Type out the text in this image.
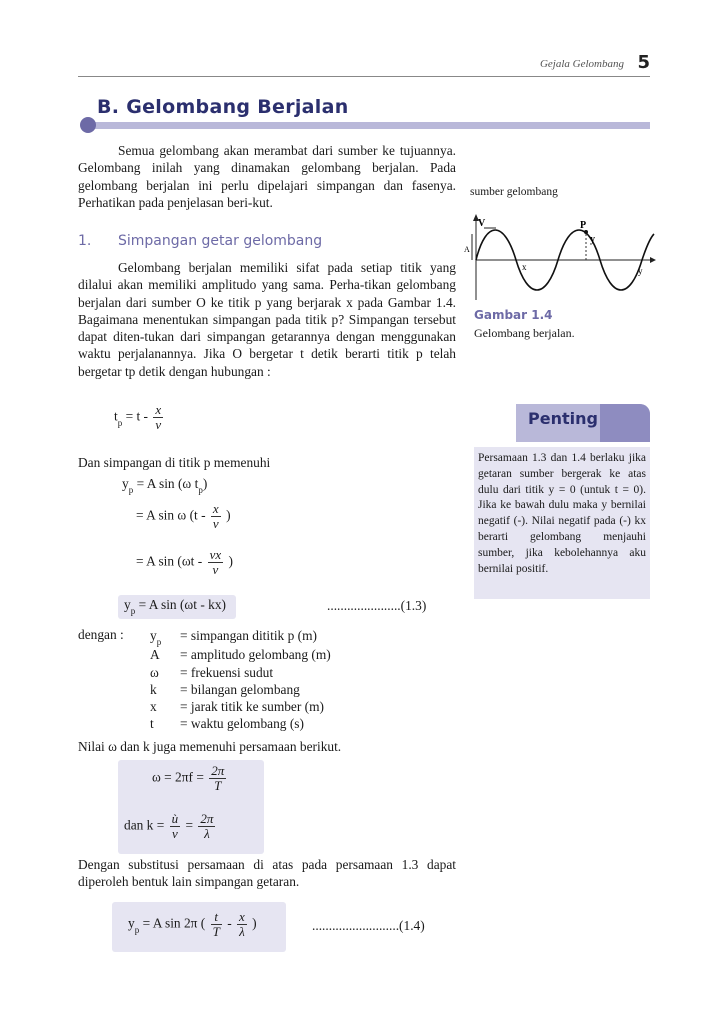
Gejala Gelombang 5
B. Gelombang Berjalan

Semua gelombang akan merambat dari sumber ke tujuannya. Gelombang inilah yang dinamakan gelombang berjalan. Pada gelombang berjalan ini perlu dipelajari simpangan dan fasenya. Perhatikan pada penjelasan beri-kut.

1. Simpangan getar gelombang

Gelombang berjalan memiliki sifat pada setiap titik yang dilalui akan memiliki amplitudo yang sama. Perha-tikan gelombang berjalan dari sumber O ke titik p yang berjarak x pada Gambar 1.4. Bagaimana menentukan simpangan pada titik p? Simpangan tersebut dapat diten-tukan dari simpangan getarannya dengan menggunakan waktu perjalanannya. Jika O bergetar t detik berarti titik p telah bergetar tp detik dengan hubungan :

$t_p = t - \frac{x}{v}$
Dan simpangan di titik p memenuhi
$y_p = A$ sin (ω $t_p$)
= A sin ω ($t - \frac{x}{v}$ )
= A $\sin (\omega t - \frac{vx}{v}$ )
$y_p = A$ sin (ωt - kx)	......................(1.3)
dengan : $y_p$	= simpangan dititik p (m)
A	= amplitudo gelombang (m)
ω	= frekuensi sudut
k	= bilangan gelombang
x	= jarak titik ke sumber (m)
t	= waktu gelombang (s)
Nilai ω dan k juga memenuhi persamaan berikut.
$\omega = 2\pi f = \frac{2\pi}{T}$
dan $k = \frac{ù}{v} = \frac{2\pi}{\lambda}$

Dengan substitusi persamaan di atas pada persamaan 1.3 dapat diperoleh bentuk lain simpangan getaran.

$y_p = A$ sin 2π ( $\frac{t}{T} - \frac{x}{\lambda}$ )	..........................(1.4)
sumber gelombang
V
y
P
A
x	y
Gambar 1.4
Gelombang berjalan.
Penting

Persamaan 1.3 dan 1.4 berlaku jika getaran sumber bergerak ke atas dulu dari titik y = 0 (untuk t = 0). Jika ke bawah dulu maka y bernilai negatif (-). Nilai negatif pada (-) kx berarti gelombang menjauhi sumber, jika kebolehannya aku bernilai positif.
